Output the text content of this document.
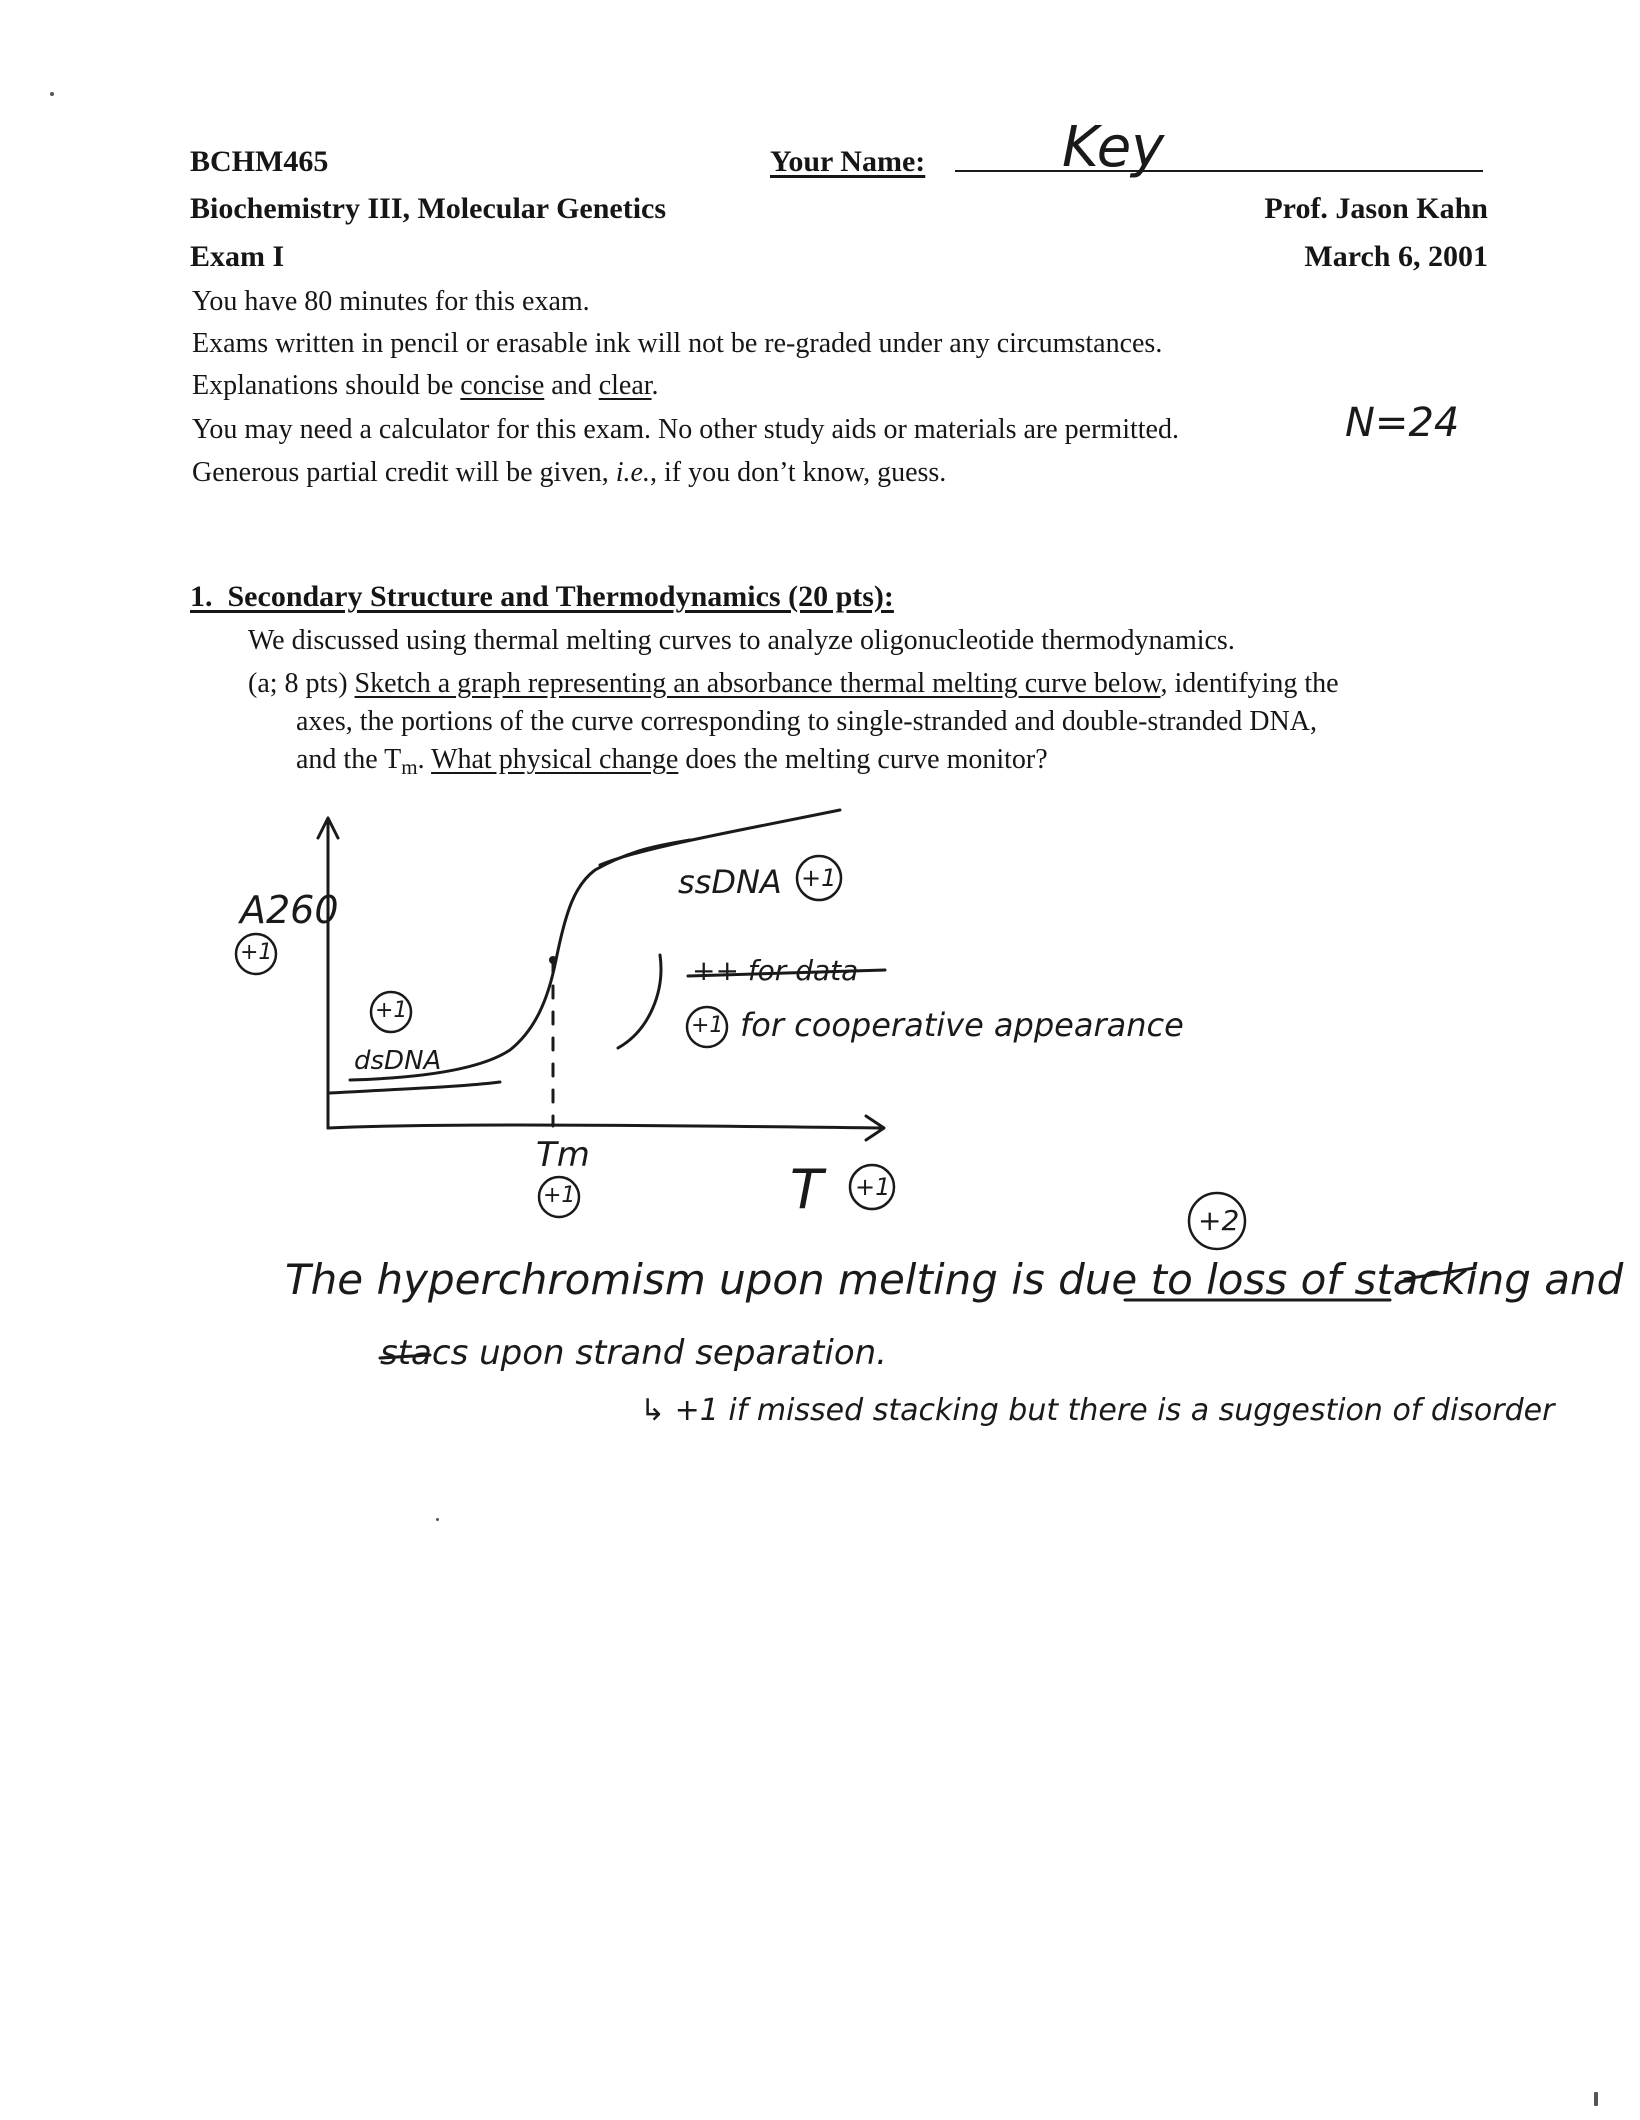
BCHM465	Your Name: Key
Biochemistry III, Molecular Genetics	Prof. Jason Kahn
Exam I	March 6, 2001
You have 80 minutes for this exam.
Exams written in pencil or erasable ink will not be re-graded under any circumstances.
Explanations should be concise and clear.
You may need a calculator for this exam. No other study aids or materials are permitted.	N=24
Generous partial credit will be given, i.e., if you don’t know, guess.
1. Secondary Structure and Thermodynamics (20 pts):
We discussed using thermal melting curves to analyze oligonucleotide thermodynamics.
(a; 8 pts) Sketch a graph representing an absorbance thermal melting curve below, identifying the
axes, the portions of the curve corresponding to single-stranded and double-stranded DNA,
and the $T_m$. What physical change does the melting curve monitor?
A260
+1
+1
dsDNA
ssDNA +1
++ for data
+1 for cooperative appearance
Tm
+1	T +1
+2
The hyperchromism upon melting is due to loss of stacking and
stacs upon strand separation.
↳ +1 if missed stacking but there is a suggestion of disorder
